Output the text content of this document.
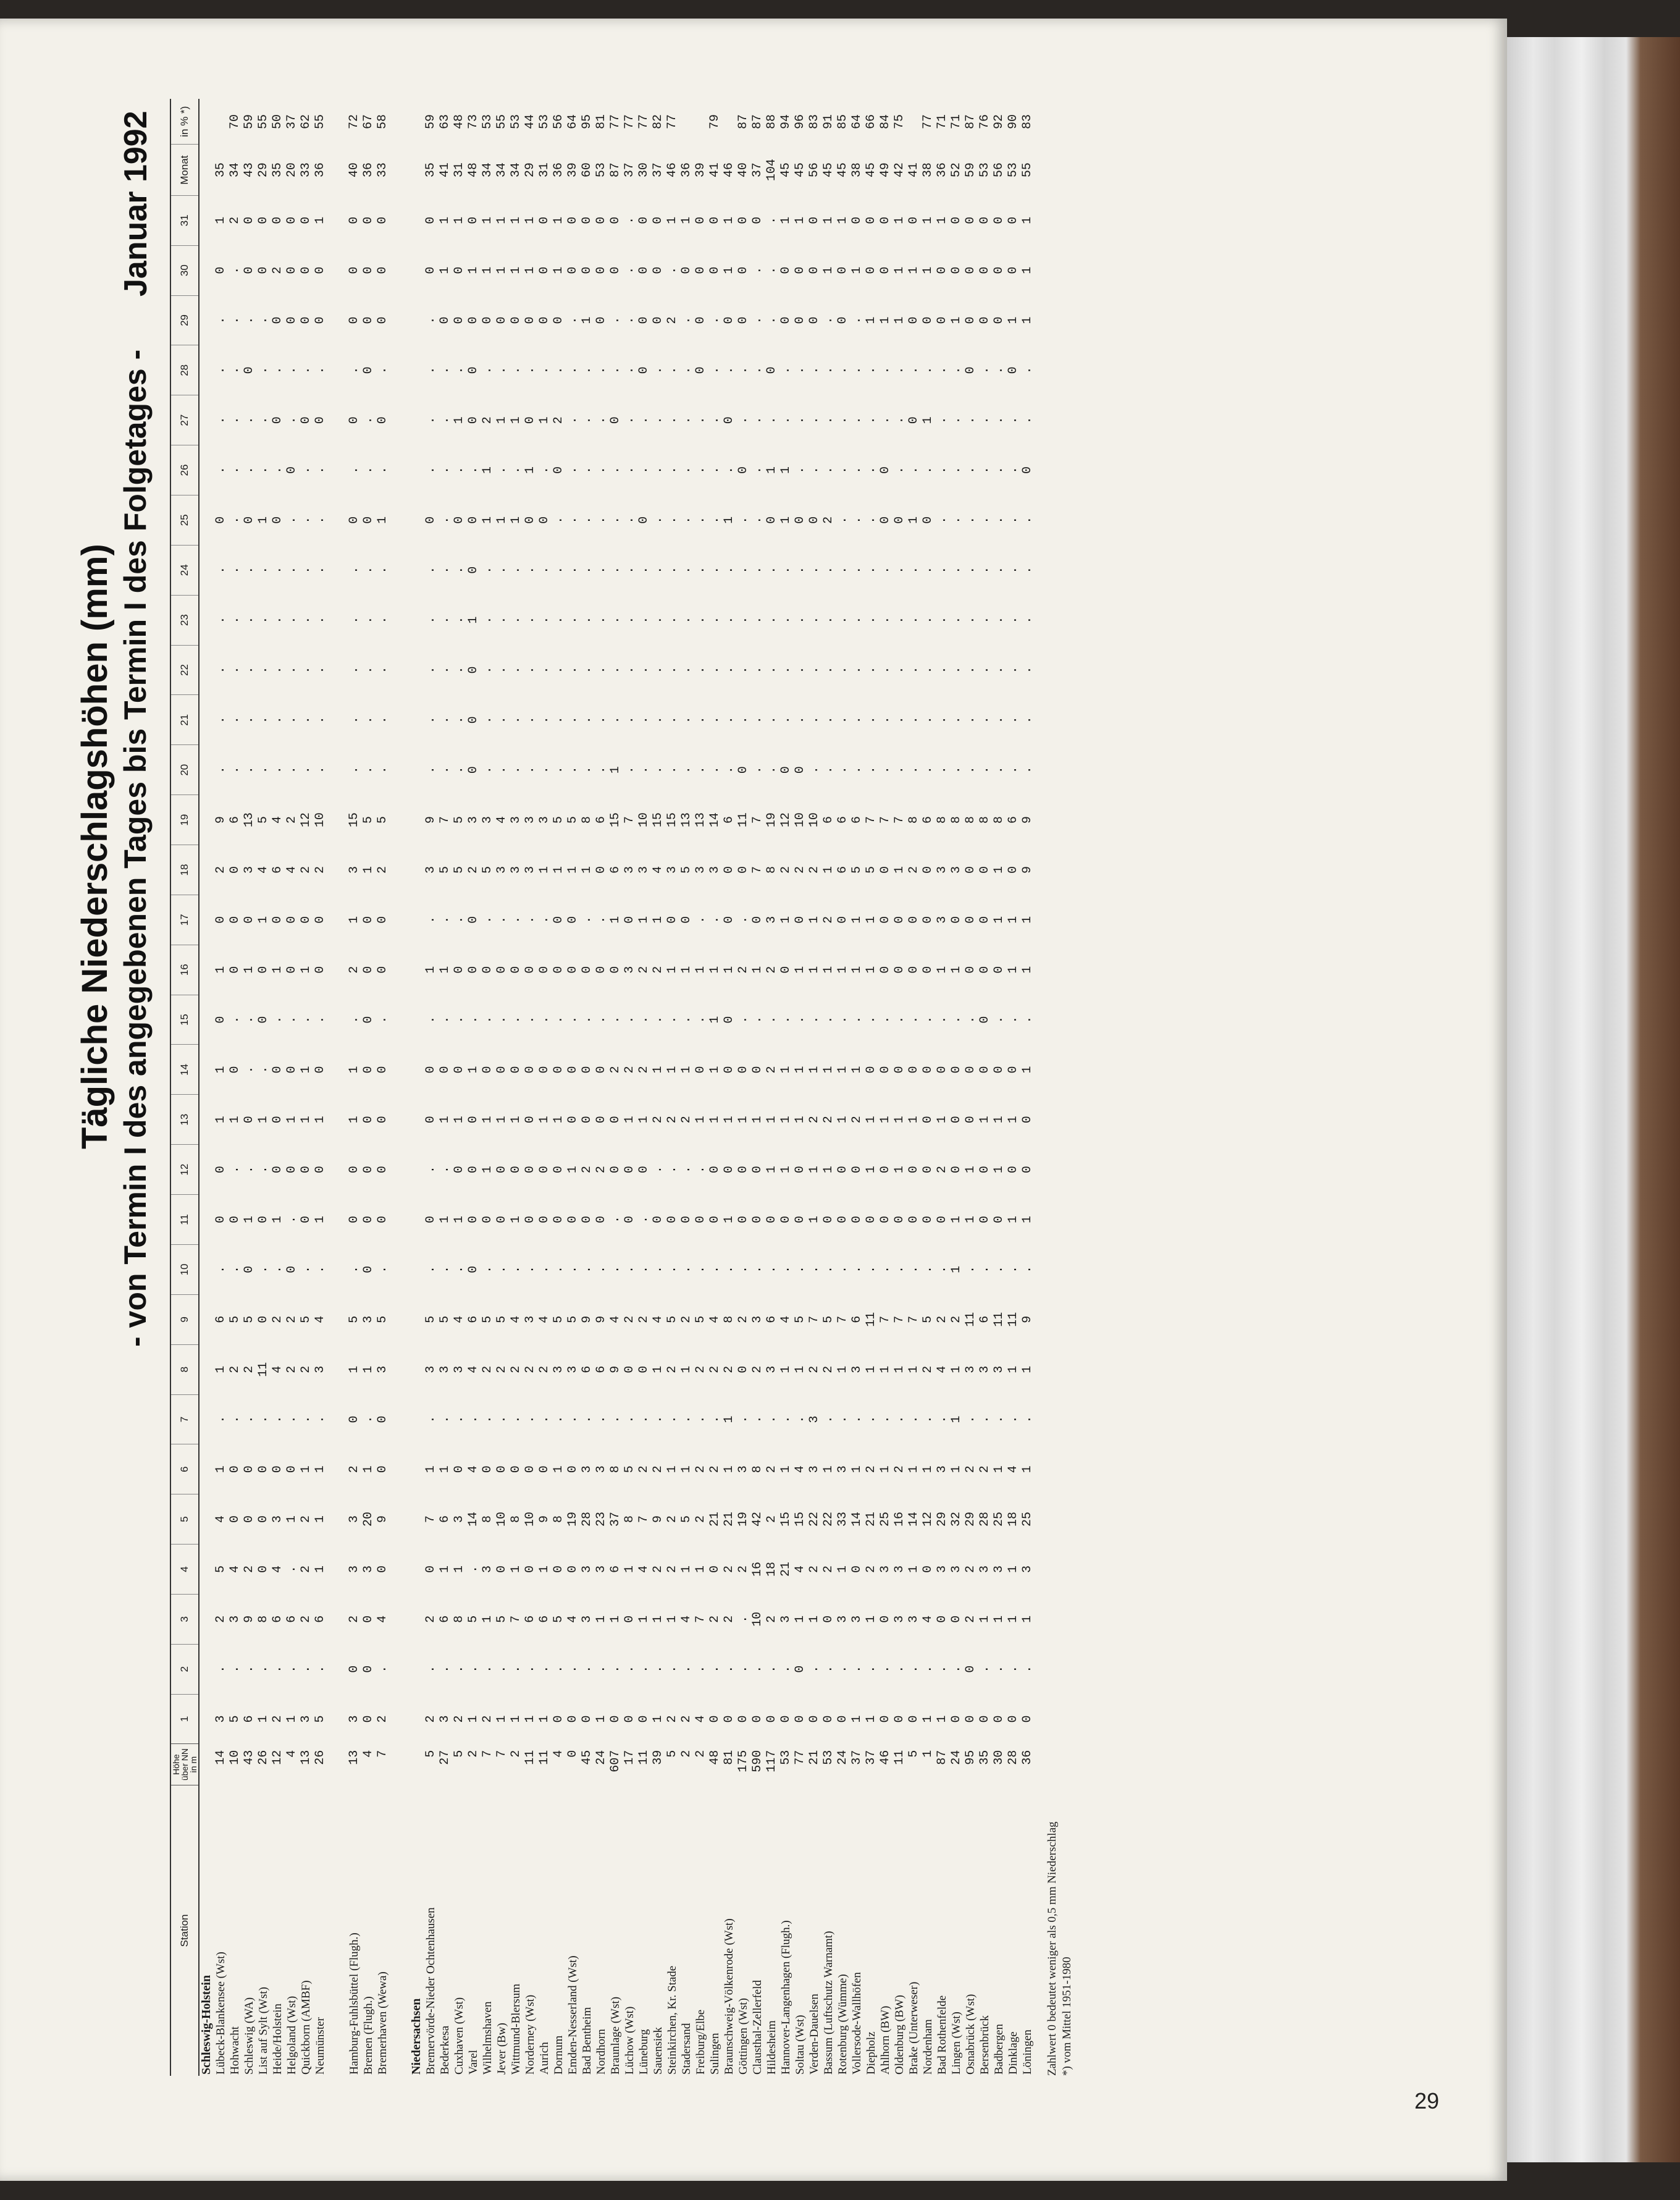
Tägliche Niederschlagshöhen (mm) - von Termin I des angegebenen Tages bis Termin I des Folgetages -
Januar 1992
Station	Höhe über NN in m	1	2	3	4	5	6	7	8	9	10	11	12	13	14	15	16	17	18	19	20	21	22	23	24	25	26	27	28	29	30	31	Monat	in % *)
Schleswig-Holstein																																		
Lübeck-Blankensee (Wst)	14	3	.	2	5	4	1	.	1	6	.	0	0	1	1	0	1	0	2	9	.	.	.	.	.	0	.	.	.	.	0	1	35	
Hohwacht	10	5	.	3	4	0	0	.	2	5	.	0	.	1	0	.	0	0	0	6	.	.	.	.	.	.	.	.	.	.	.	2	34	70
Schleswig (WA)	43	6	.	9	2	0	0	.	2	5	0	1	.	0	.	.	1	0	3	13	.	.	.	.	.	0	.	.	0	.	0	0	43	59
List auf Sylt (Wst)	26	1	.	8	0	0	0	.	11	0	.	0	.	1	.	0	0	1	4	5	.	.	.	.	.	1	.	.	.	.	0	0	29	55
Heide/Holstein	12	2	.	6	4	3	0	.	4	2	.	1	0	0	0	.	1	0	6	4	.	.	.	.	.	0	.	0	.	0	2	0	35	50
Helgoland (Wst)	4	1	.	6	.	1	0	.	2	2	0	.	0	1	0	.	0	0	4	2	.	.	.	.	.	.	0	.	.	0	0	0	20	37
Quickborn (AMBF)	13	3	.	2	2	2	1	.	2	5	.	0	0	1	1	.	1	0	2	12	.	.	.	.	.	.	.	0	.	0	0	0	33	62
Neumünster	26	5	.	6	1	1	1	.	3	4	.	1	0	1	0	.	0	0	2	10	.	.	.	.	.	.	.	0	.	0	0	1	36	55

Hamburg-Fuhlsbüttel (Flugh.)	13	3	0	2	3	3	2	0	1	5	.	0	0	1	1	.	2	1	3	15	.	.	.	.	.	0	.	0	.	0	0	0	40	72
Bremen (Flugh.)	4	0	0	0	3	20	1	.	1	3	0	0	0	0	0	0	0	0	1	5	.	.	.	.	.	0	.	.	0	0	0	0	36	67
Bremerhaven (Wewa)	7	2	.	4	0	9	0	0	3	5	.	0	0	0	0	.	0	0	2	5	.	.	.	.	.	1	.	0	.	0	0	0	33	58

Niedersachsen																																		
Bremervörde-Nieder Ochtenhausen	5	2	.	2	0	7	1	.	3	5	.	0	.	0	0	.	1	.	3	9	.	.	.	.	.	0	.	.	.	.	0	0	35	59
Bederkesa	27	3	.	6	1	6	1	.	3	5	.	1	.	1	0	.	1	.	5	7	.	.	.	.	.	.	.	.	.	0	1	1	41	63
Cuxhaven (Wst)	5	2	.	8	1	3	0	.	3	4	.	1	0	1	0	.	0	.	5	5	.	.	.	.	.	0	.	1	.	0	0	1	31	48
Varel	2	1	.	5	.	14	4	.	4	6	0	0	0	0	1	.	0	0	2	3	0	0	0	1	0	0	.	0	0	0	1	0	48	73
Wilhelmshaven	7	2	.	1	3	8	0	.	2	5	.	0	1	1	0	.	0	.	5	3	.	.	.	.	.	1	1	2	.	0	1	1	34	53
Jever (Bw)	7	1	.	5	0	10	0	.	2	5	.	0	0	1	0	.	0	.	3	4	.	.	.	.	.	1	.	1	.	0	1	1	34	55
Wittmund-Blersum	2	1	.	7	1	8	0	.	2	4	.	1	0	1	0	.	0	.	3	3	.	.	.	.	.	1	.	1	.	0	1	1	34	53
Norderney (Wst)	11	1	.	6	0	10	0	.	2	3	.	0	0	0	0	.	0	.	3	3	.	.	.	.	.	0	1	0	.	0	1	1	29	44
Aurich	11	1	.	6	1	9	0	.	2	4	.	0	0	1	0	.	0	.	1	3	.	.	.	.	.	0	.	1	.	0	0	0	31	53
Dornum	4	0	.	5	0	8	1	.	3	5	.	0	0	1	0	.	0	0	1	5	.	.	.	.	.	.	0	2	.	0	1	1	36	56
Emden-Nesserland (Wst)	0	0	.	4	0	19	0	.	3	5	.	0	1	0	0	.	0	0	1	5	.	.	.	.	.	.	.	.	.	.	0	0	39	64
Bad Bentheim	45	0	.	3	3	28	3	.	6	9	.	0	2	0	0	.	0	.	1	8	.	.	.	.	.	.	.	.	.	1	0	0	60	95
Nordhorn	24	1	.	1	3	23	3	.	6	9	.	0	2	0	0	.	0	.	0	6	.	.	.	.	.	.	.	.	.	0	0	0	53	81
Braunlage (Wst)	607	0	.	1	6	37	8	.	9	4	.	.	0	0	2	.	0	1	6	15	1	.	.	.	.	.	.	0	.	.	0	0	87	77
Lüchow (Wst)	17	0	.	0	1	8	5	.	0	2	.	0	0	1	2	.	3	0	3	7	.	.	.	.	.	.	.	.	.	.	.	.	37	77
Lüneburg	11	0	.	1	4	7	2	.	0	2	.	.	0	1	2	.	2	1	3	10	.	.	.	.	.	0	.	.	0	0	0	0	30	77
Sauensiek	39	1	.	1	2	9	2	.	1	4	.	0	.	2	1	.	2	1	4	15	.	.	.	.	.	.	.	.	.	0	0	0	37	82
Steinkirchen, Kr. Stade	5	2	.	1	2	2	1	.	2	5	.	0	.	2	1	.	1	0	3	15	.	.	.	.	.	.	.	.	.	2	.	1	46	77
Stadersand	2	2	.	4	1	5	1	.	1	2	.	0	.	2	1	.	1	0	5	13	.	.	.	.	.	.	.	.	.	.	0	1	36	
Freiburg/Elbe	2	4	.	7	1	2	2	.	2	5	.	0	.	1	0	.	1	.	3	13	.	.	.	.	.	.	.	.	0	0	0	0	39	
Sulingen	48	0	.	2	0	21	2	.	2	4	.	0	0	1	1	1	1	.	3	14	.	.	.	.	.	.	.	.	.	.	0	0	41	79
Braunschweig-Völkenrode (Wst)	81	0	.	2	2	21	1	1	2	8	.	1	0	1	0	0	1	0	0	6	.	.	.	.	.	1	.	0	.	0	1	1	46	
Göttingen (Wst)	175	0	.	.	2	19	3	.	0	2	.	0	0	1	0	.	2	.	0	11	0	.	.	.	.	.	0	.	.	0	0	0	40	87
Clausthal-Zellerfeld	590	0	.	10	16	42	8	.	2	3	.	0	0	1	0	.	1	0	7	7	.	.	.	.	.	.	.	.	.	.	.	0	37	87
Hildesheim	117	0	.	2	18	2	2	.	3	6	.	0	1	1	2	.	2	3	8	19	.	.	.	.	.	0	1	.	0	.	.	.	104	88
Hannover-Langenhagen (Flugh.)	53	0	.	3	21	15	1	.	1	4	.	0	1	1	1	.	0	1	2	12	0	.	.	.	.	1	1	.	.	0	0	1	45	94
Soltau (Wst)	77	0	0	1	4	15	4	.	1	5	.	0	0	1	1	.	1	0	2	10	0	.	.	.	.	0	.	.	.	0	0	1	45	96
Verden-Dauelsen	21	0	.	1	2	22	3	3	2	7	.	1	1	2	1	.	1	1	2	10	.	.	.	.	.	0	.	.	.	0	0	0	56	83
Bassum (Luftschutz Warnamt)	53	0	.	0	2	22	1	.	2	5	.	0	1	2	1	.	1	2	1	6	.	.	.	.	.	2	.	.	.	.	1	1	45	91
Rotenburg (Wümme)	24	0	.	3	1	33	3	.	1	7	.	0	0	1	1	.	1	0	6	6	.	.	.	.	.	.	.	.	.	0	0	1	45	85
Vollersode-Wallhöfen	37	1	.	3	0	14	1	.	3	6	.	0	0	2	1	.	1	1	5	6	.	.	.	.	.	.	.	.	.	.	1	0	38	64
Diepholz	37	1	.	1	2	21	2	.	1	11	.	0	1	1	0	.	1	1	5	7	.	.	.	.	.	.	.	.	.	1	0	0	45	66
Ahlhorn (BW)	46	0	.	0	3	25	1	.	1	7	.	0	0	1	0	.	0	0	0	7	.	.	.	.	.	0	0	.	.	1	0	0	49	84
Oldenburg (BW)	11	0	.	3	3	16	2	.	1	7	.	0	1	1	0	.	0	0	1	7	.	.	.	.	.	0	.	.	.	1	1	1	42	75
Brake (Unterweser)	5	0	.	3	1	14	1	.	1	7	.	0	0	1	0	.	0	0	2	8	.	.	.	.	.	1	.	0	.	0	1	0	41	
Nordenham	1	1	.	4	0	12	1	.	2	5	.	0	0	0	0	.	0	0	0	6	.	.	.	.	.	0	.	1	.	0	1	1	38	77
Bad Rothenfelde	87	1	.	0	3	29	3	.	4	2	.	0	2	1	0	.	1	3	3	8	.	.	.	.	.	.	.	.	.	0	0	1	36	71
Lingen (Wst)	24	0	.	0	3	32	1	1	1	2	1	1	0	0	0	.	1	0	3	8	.	.	.	.	.	.	.	.	.	1	0	0	52	71
Osnabrück (Wst)	95	0	0	2	2	29	2	.	3	11	.	1	1	0	0	.	0	0	0	8	.	.	.	.	.	.	.	.	0	0	0	0	59	87
Bersenbrück	35	0	.	1	3	28	2	.	3	6	.	0	0	1	0	0	0	0	0	8	.	.	.	.	.	.	.	.	.	0	0	0	53	76
Badbergen	30	0	.	1	3	25	1	.	3	11	.	0	1	1	0	.	0	1	1	8	.	.	.	.	.	.	.	.	.	0	0	0	56	92
Dinklage	28	0	.	1	1	18	4	.	1	11	.	1	0	1	0	.	1	1	0	6	.	.	.	.	.	.	.	.	0	1	0	0	53	90
Löningen	36	0	.	1	3	25	1	.	1	9	.	1	0	0	1	.	1	1	9	9	.	.	.	.	.	.	0	.	.	1	1	1	55	83
Zahlwert 0 bedeutet weniger als 0,5 mm Niederschlag *) vom Mittel 1951-1980
29
